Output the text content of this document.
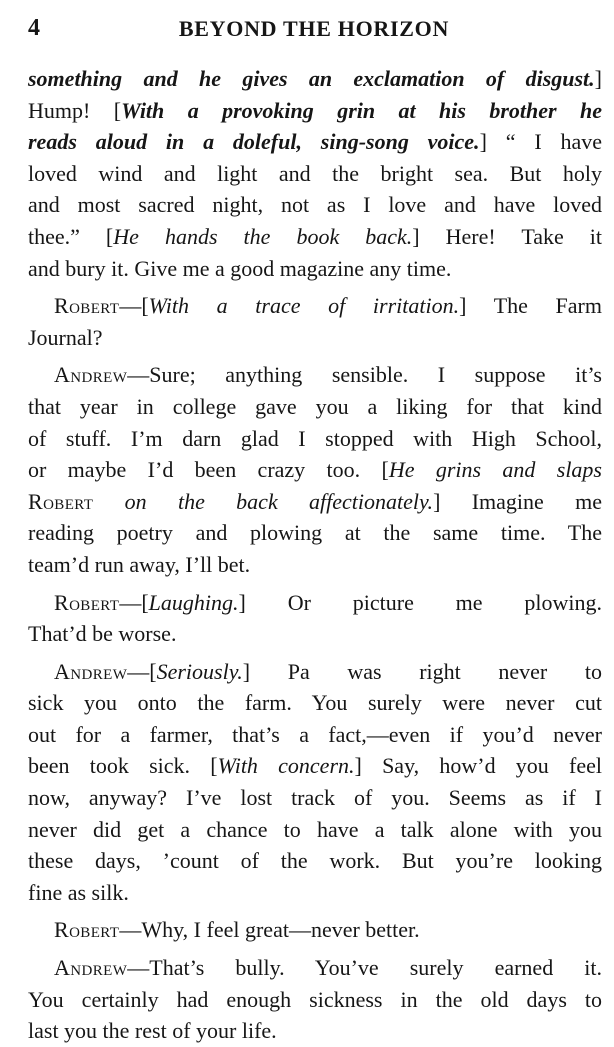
4	BEYOND THE HORIZON
something and he gives an exclamation of disgust.]
Hump! [With a provoking grin at his brother he
reads aloud in a doleful, sing-song voice.] “ I have
loved wind and light and the bright sea. But holy
and most sacred night, not as I love and have loved
thee.” [He hands the book back.] Here! Take it
and bury it. Give me a good magazine any time.
Robert—[With a trace of irritation.] The Farm
Journal?
Andrew—Sure; anything sensible. I suppose it’s
that year in college gave you a liking for that kind
of stuff. I’m darn glad I stopped with High School,
or maybe I’d been crazy too. [He grins and slaps
Robert on the back affectionately.] Imagine me
reading poetry and plowing at the same time. The
team’d run away, I’ll bet.
Robert—[Laughing.] Or picture me plowing.
That’d be worse.
Andrew—[Seriously.] Pa was right never to
sick you onto the farm. You surely were never cut
out for a farmer, that’s a fact,—even if you’d never
been took sick. [With concern.] Say, how’d you feel
now, anyway? I’ve lost track of you. Seems as if I
never did get a chance to have a talk alone with you
these days, ’count of the work. But you’re looking
fine as silk.
Robert—Why, I feel great—never better.
Andrew—That’s bully. You’ve surely earned it.
You certainly had enough sickness in the old days to
last you the rest of your life.
